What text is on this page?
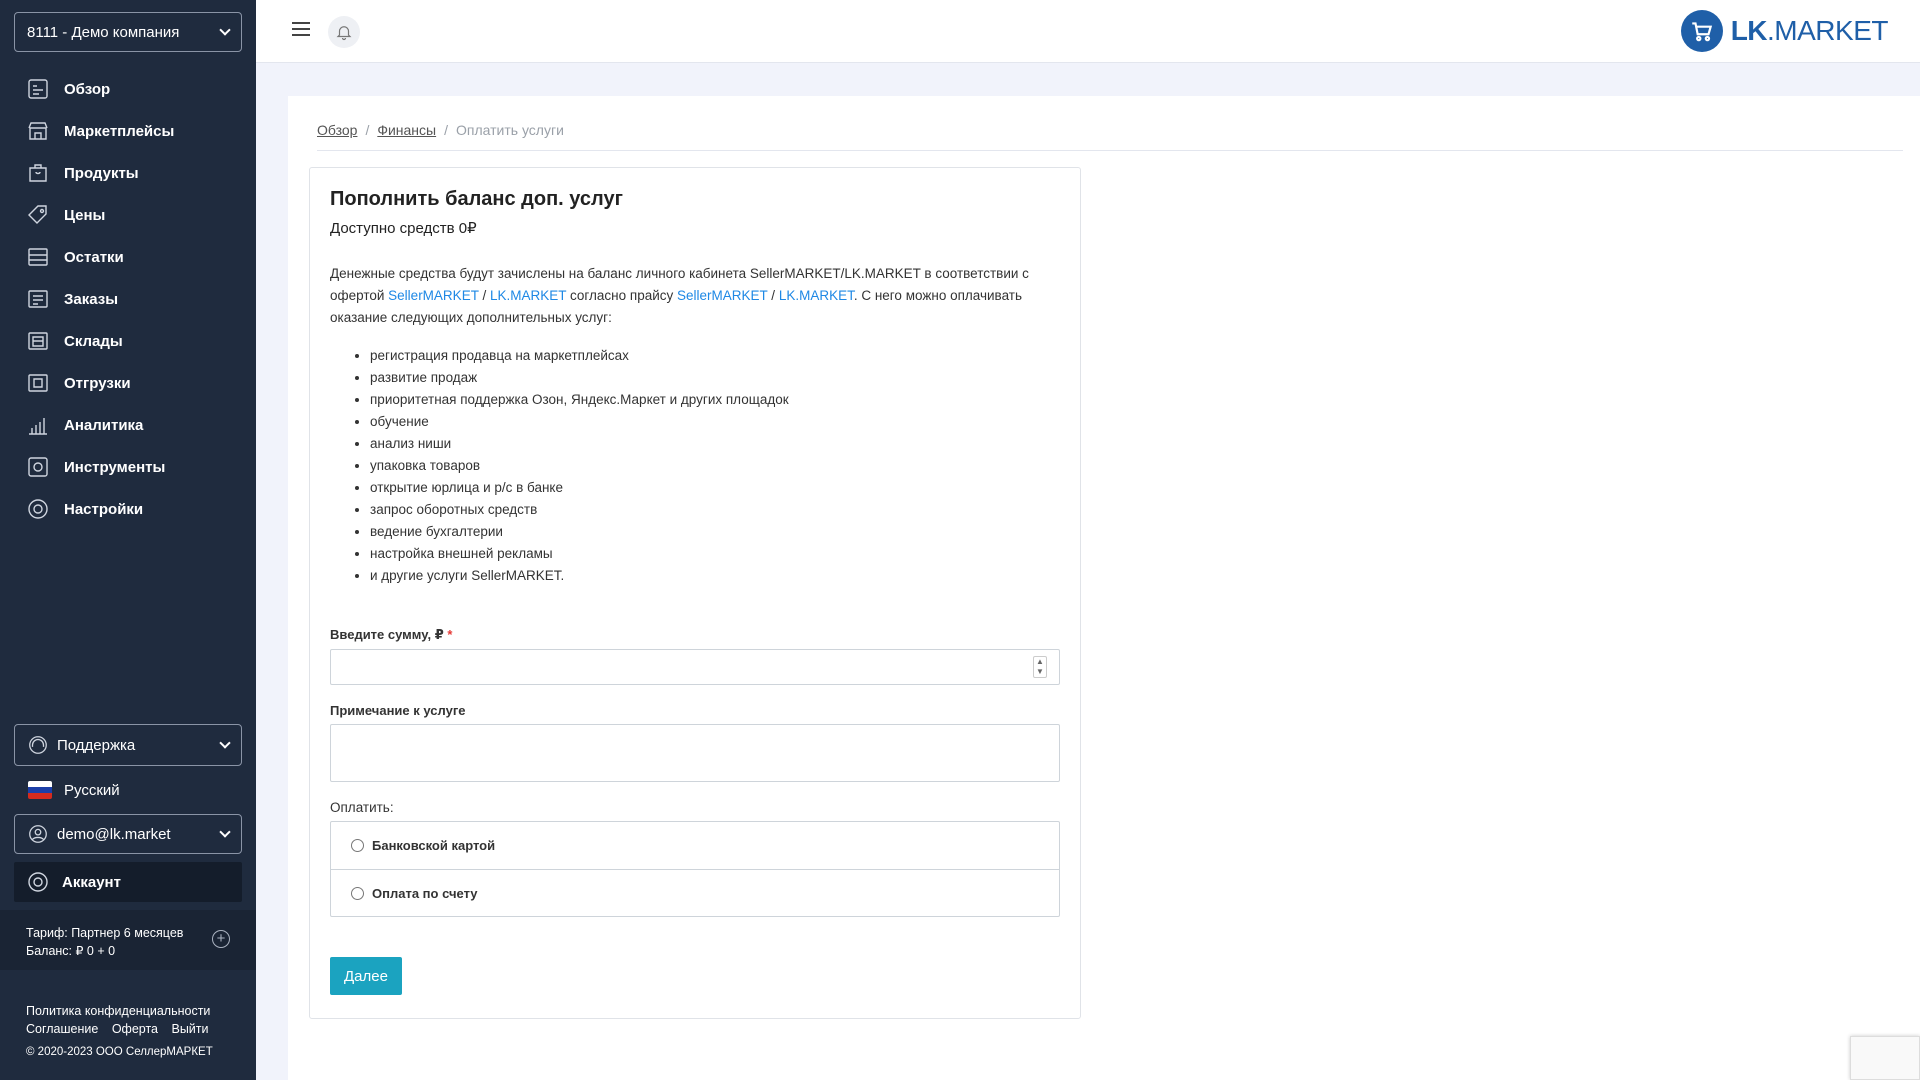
8111 - Демо компания
Обзор
Маркетплейсы
Продукты
Цены
Остатки
Заказы
Склады
Отгрузки
Аналитика
Инструменты
Настройки
Поддержка
Русский
demo@lk.market
Аккаунт
Тариф: Партнер 6 месяцев
Баланс: ₽ 0 + 0
+
Политика конфиденциальности
Соглашение Оферта Выйти
© 2020-2023 ООО СеллерМАРКЕТ
LK.MARKET
Обзор / Финансы / Оплатить услуги
Пополнить баланс доп. услуг
Доступно средств 0₽
Денежные средства будут зачислены на баланс личного кабинета SellerMARKET/LK.MARKET в соответствии с офертой SellerMARKET / LK.MARKET согласно прайсу SellerMARKET / LK.MARKET. С него можно оплачивать оказание следующих дополнительных услуг:
• регистрация продавца на маркетплейсах
• развитие продаж
• приоритетная поддержка Озон, Яндекс.Маркет и других площадок
• обучение
• анализ ниши
• упаковка товаров
• открытие юрлица и р/с в банке
• запрос оборотных средств
• ведение бухгалтерии
• настройка внешней рекламы
• и другие услуги SellerMARKET.
Введите сумму, ₽ *
▲
▼
Примечание к услуге
Оплатить:
Банковской картой
Оплата по счету
Далее
